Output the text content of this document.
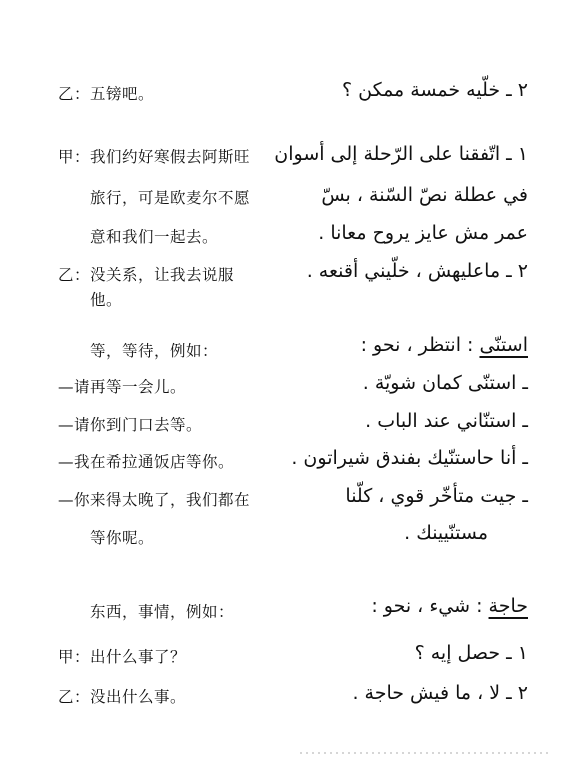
乙：五镑吧。	٢ ـ خلّيه خمسة ممكن ؟
甲：我们约好寒假去阿斯旺	١ ـ اتّفقنا على الرّحلة إلى أسوان
旅行，可是欧麦尔不愿	في عطلة نصّ السّنة ، بسّ
意和我们一起去。	عمر مش عايز يروح معانا .
乙：没关系，让我去说服	٢ ـ ماعليهش ، خلّيني أقنعه .
他。
等，等待，例如：	استنّى : انتظر ، نحو :
—请再等一会儿。	ـ استنّى كمان شويّة .
—请你到门口去等。	ـ استنّاني عند الباب .
—我在希拉通饭店等你。	ـ أنا حاستنّيك بفندق شيراتون .
—你来得太晚了，我们都在	ـ جيت متأخّر قوي ، كلّنا
等你呢。	مستنّيينك .
东西，事情，例如：	حاجة : شيء ، نحو :
甲：出什么事了？	١ ـ حصل إيه ؟
乙：没出什么事。	٢ ـ لا ، ما فيش حاجة .
